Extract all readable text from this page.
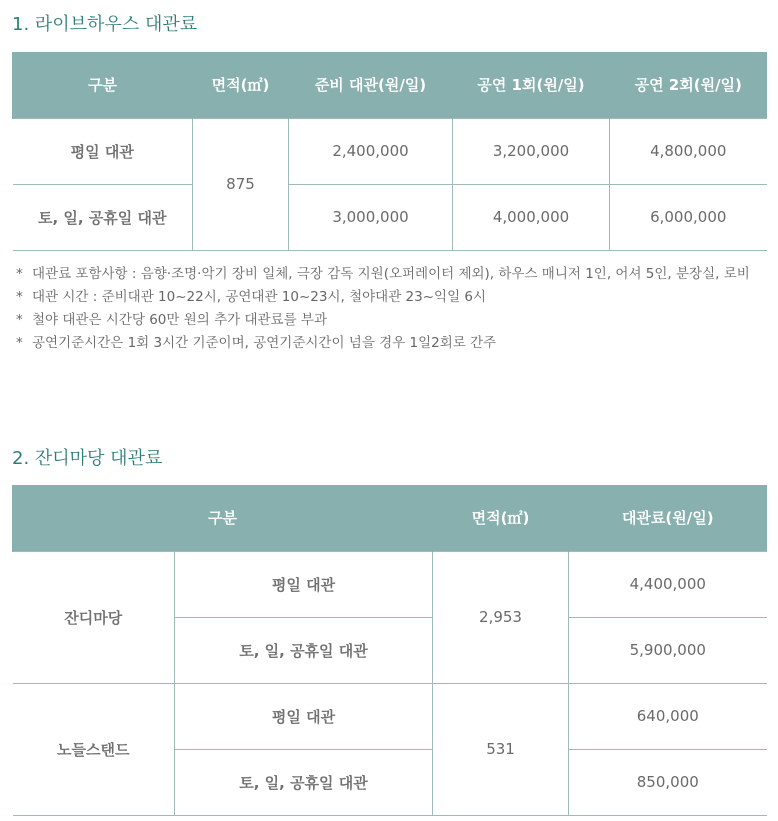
1. 라이브하우스 대관료
구분	면적(㎡)	준비 대관(원/일)	공연 1회(원/일)	공연 2회(원/일)
평일 대관	875	2,400,000	3,200,000	4,800,000
토, 일, 공휴일 대관		3,000,000	4,000,000	6,000,000
* 대관료 포함사항 : 음향·조명·악기 장비 일체, 극장 감독 지원(오퍼레이터 제외), 하우스 매니저 1인, 어셔 5인, 분장실, 로비
* 대관 시간 : 준비대관 10~22시, 공연대관 10~23시, 철야대관 23~익일 6시
* 철야 대관은 시간당 60만 원의 추가 대관료를 부과
* 공연기준시간은 1회 3시간 기준이며, 공연기준시간이 넘을 경우 1일2회로 간주
2. 잔디마당 대관료
구분		면적(㎡)	대관료(원/일)
잔디마당	평일 대관	2,953	4,400,000
	토, 일, 공휴일 대관		5,900,000
노들스탠드	평일 대관	531	640,000
	토, 일, 공휴일 대관		850,000
